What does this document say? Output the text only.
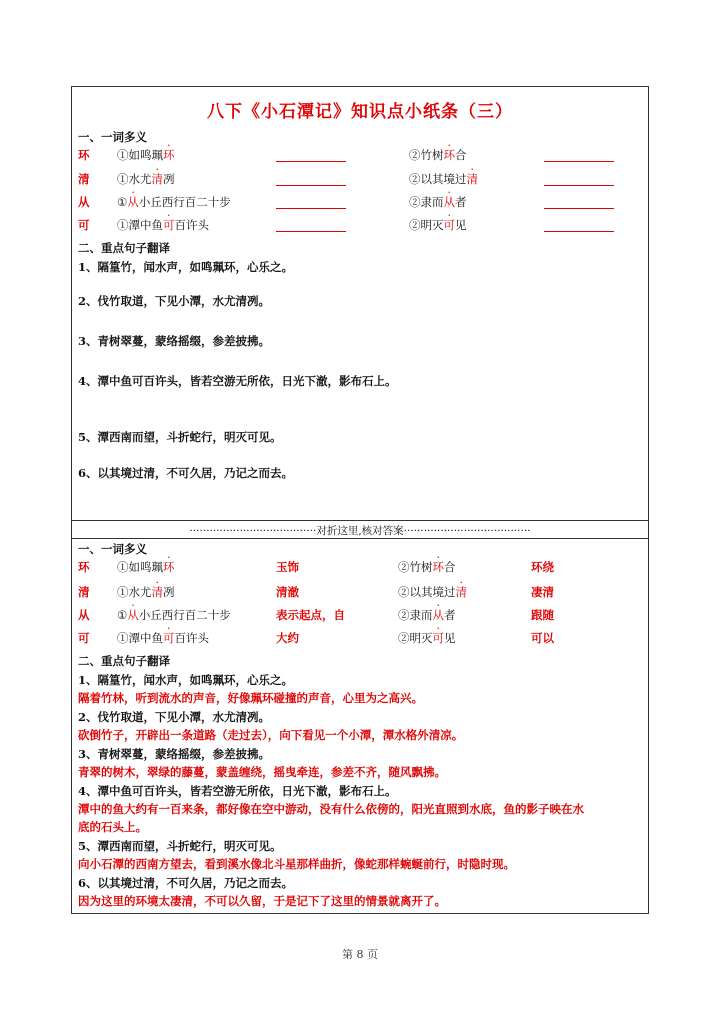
八下《小石潭记》知识点小纸条（三）
一、一词多义
环 ①如鸣珮环	②竹树环合
清 ①水尤清冽	②以其境过清
从 ①从小丘西行百二十步	②隶而从者
可 ①潭中鱼可百许头	②明灭可见
二、重点句子翻译
1、隔篁竹，闻水声，如鸣珮环，心乐之。
2、伐竹取道，下见小潭，水尤清冽。
3、青树翠蔓，蒙络摇缀，参差披拂。
4、潭中鱼可百许头，皆若空游无所依，日光下澈，影布石上。
5、潭西南而望，斗折蛇行，明灭可见。
6、以其境过清，不可久居，乃记之而去。
······································对折这里,核对答案······································
一、一词多义
环 ①如鸣珮环	玉饰	②竹树环合	环绕
清 ①水尤清冽	清澈	②以其境过清	凄清
从 ①从小丘西行百二十步	表示起点，自	②隶而从者	跟随
可 ①潭中鱼可百许头	大约	②明灭可见	可以
二、重点句子翻译
1、隔篁竹，闻水声，如鸣珮环，心乐之。
隔着竹林，听到流水的声音，好像珮环碰撞的声音，心里为之高兴。
2、伐竹取道，下见小潭，水尤清冽。
砍倒竹子，开辟出一条道路（走过去），向下看见一个小潭，潭水格外清凉。
3、青树翠蔓，蒙络摇缀，参差披拂。
青翠的树木，翠绿的藤蔓，蒙盖缠绕，摇曳牵连，参差不齐，随风飘拂。
4、潭中鱼可百许头，皆若空游无所依，日光下澈，影布石上。
潭中的鱼大约有一百来条，都好像在空中游动，没有什么依傍的，阳光直照到水底，鱼的影子映在水
底的石头上。
5、潭西南而望，斗折蛇行，明灭可见。
向小石潭的西南方望去，看到溪水像北斗星那样曲折，像蛇那样蜿蜒前行，时隐时现。
6、以其境过清，不可久居，乃记之而去。
因为这里的环境太凄清，不可以久留，于是记下了这里的情景就离开了。
第 8 页
